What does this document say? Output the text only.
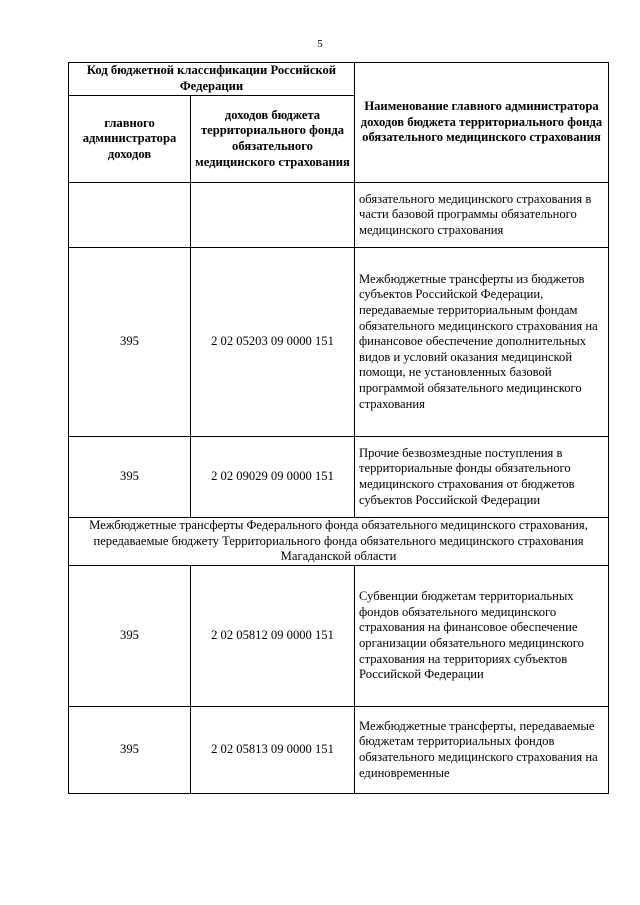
5
Код бюджетной классификации Российской Федерации		Наименование главного администратора доходов бюджета территориального фонда обязательного медицинского страхования
главного администратора доходов	доходов бюджета территориального фонда обязательного медицинского страхования	
		обязательного медицинского страхования в части базовой программы обязательного медицинского страхования
395	2 02 05203 09 0000 151	Межбюджетные трансферты из бюджетов субъектов Российской Федерации, передаваемые территориальным фондам обязательного медицинского страхования на финансовое обеспечение дополнительных видов и условий оказания медицинской помощи, не установленных базовой программой обязательного медицинского страхования
395	2 02 09029 09 0000 151	Прочие безвозмездные поступления в территориальные фонды обязательного медицинского страхования от бюджетов субъектов Российской Федерации
Межбюджетные трансферты Федерального фонда обязательного медицинского страхования, передаваемые бюджету Территориального фонда обязательного медицинского страхования Магаданской области		
395	2 02 05812 09 0000 151	Субвенции бюджетам территориальных фондов обязательного медицинского страхования на финансовое обеспечение организации обязательного медицинского страхования на территориях субъектов Российской Федерации
395	2 02 05813 09 0000 151	Межбюджетные трансферты, передаваемые бюджетам территориальных фондов обязательного медицинского страхования на единовременные
